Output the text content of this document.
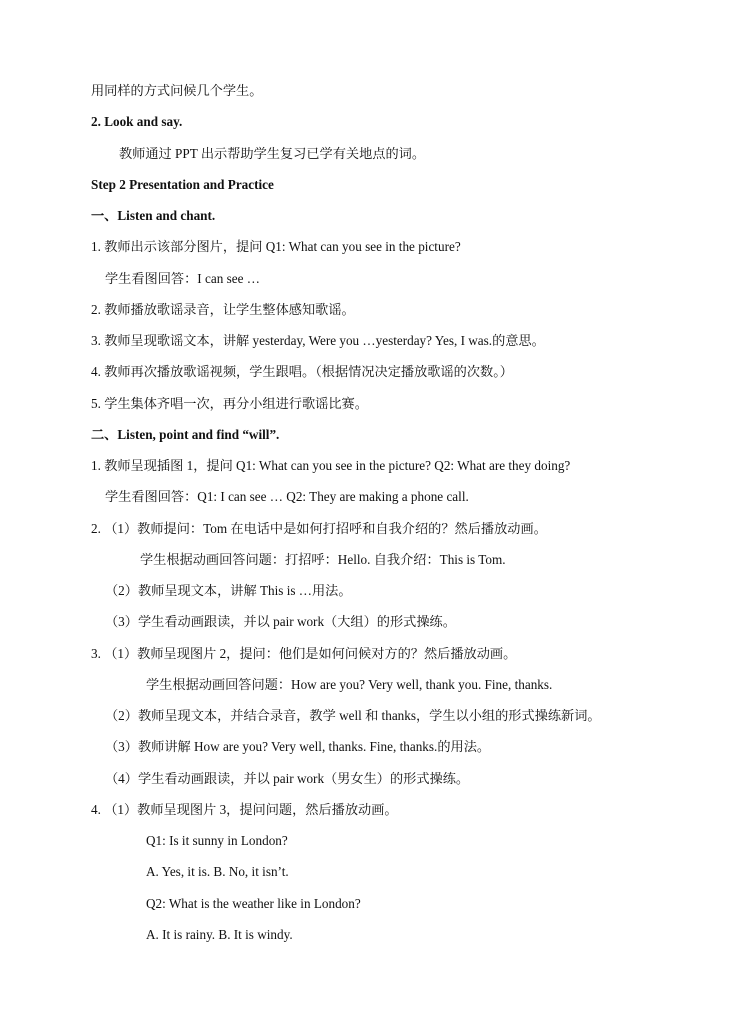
用同样的方式问候几个学生。
2. Look and say.
教师通过 PPT 出示帮助学生复习已学有关地点的词。
Step 2 Presentation and Practice
一、Listen and chant.
1. 教师出示该部分图片，提问 Q1: What can you see in the picture?
学生看图回答：I can see …
2. 教师播放歌谣录音，让学生整体感知歌谣。
3. 教师呈现歌谣文本，讲解 yesterday, Were you …yesterday? Yes, I was.的意思。
4. 教师再次播放歌谣视频，学生跟唱。（根据情况决定播放歌谣的次数。）
5. 学生集体齐唱一次，再分小组进行歌谣比赛。
二、Listen, point and find “will”.
1. 教师呈现插图 1，提问 Q1: What can you see in the picture? Q2: What are they doing?
学生看图回答：Q1: I can see … Q2: They are making a phone call.
2. （1）教师提问：Tom 在电话中是如何打招呼和自我介绍的？然后播放动画。
学生根据动画回答问题：打招呼：Hello. 自我介绍：This is Tom.
（2）教师呈现文本，讲解 This is …用法。
（3）学生看动画跟读，并以 pair work（大组）的形式操练。
3. （1）教师呈现图片 2，提问：他们是如何问候对方的？然后播放动画。
学生根据动画回答问题：How are you? Very well, thank you. Fine, thanks.
（2）教师呈现文本，并结合录音，教学 well 和 thanks，学生以小组的形式操练新词。
（3）教师讲解 How are you? Very well, thanks. Fine, thanks.的用法。
（4）学生看动画跟读，并以 pair work（男女生）的形式操练。
4. （1）教师呈现图片 3，提问问题，然后播放动画。
Q1: Is it sunny in London?
A. Yes, it is. B. No, it isn’t.
Q2: What is the weather like in London?
A. It is rainy. B. It is windy.
